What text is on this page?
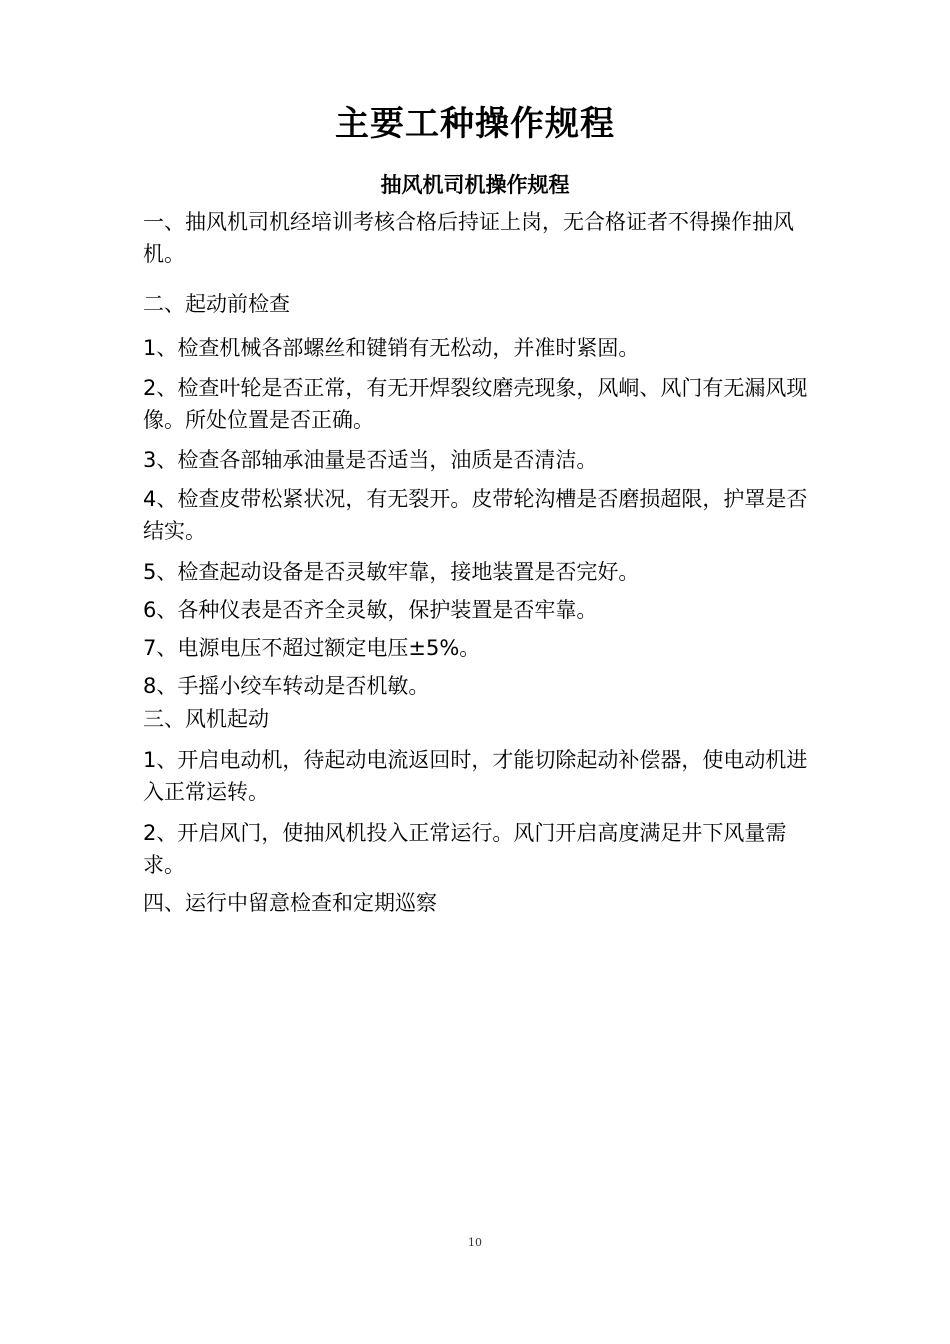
主要工种操作规程
抽风机司机操作规程

一、抽风机司机经培训考核合格后持证上岗，无合格证者不得操作抽风机。

二、起动前检查

1、检查机械各部螺丝和键销有无松动，并准时紧固。

2、检查叶轮是否正常，有无开焊裂纹磨壳现象，风峒、风门有无漏风现像。所处位置是否正确。

3、检查各部轴承油量是否适当，油质是否清洁。

4、检查皮带松紧状况，有无裂开。皮带轮沟槽是否磨损超限，护罩是否结实。

5、检查起动设备是否灵敏牢靠，接地装置是否完好。

6、各种仪表是否齐全灵敏，保护装置是否牢靠。

7、电源电压不超过额定电压±5%。

8、手摇小绞车转动是否机敏。

三、风机起动

1、开启电动机，待起动电流返回时，才能切除起动补偿器，使电动机进入正常运转。

2、开启风门，使抽风机投入正常运行。风门开启高度满足井下风量需求。

四、运行中留意检查和定期巡察

10
